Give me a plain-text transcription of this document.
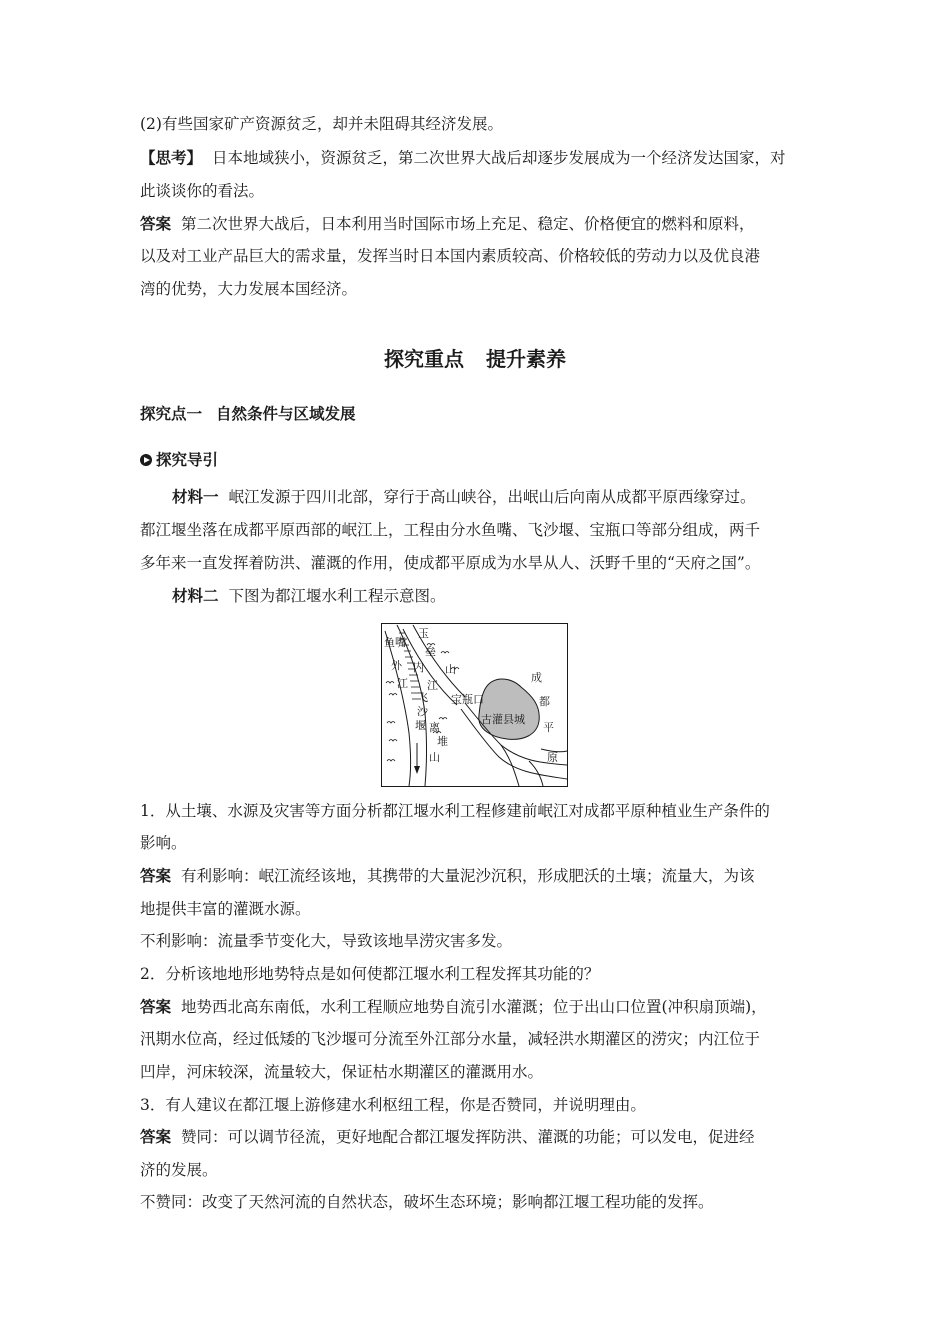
(2)有些国家矿产资源贫乏，却并未阻碍其经济发展。
【思考】 日本地域狭小，资源贫乏，第二次世界大战后却逐步发展成为一个经济发达国家，对
此谈谈你的看法。
答案 第二次世界大战后，日本利用当时国际市场上充足、稳定、价格便宜的燃料和原料，
以及对工业产品巨大的需求量，发挥当时日本国内素质较高、价格较低的劳动力以及优良港
湾的优势，大力发展本国经济。
探究重点 提升素养
探究点一 自然条件与区域发展
探究导引
材料一 岷江发源于四川北部，穿行于高山峡谷，出岷山后向南从成都平原西缘穿过。
都江堰坐落在成都平原西部的岷江上，工程由分水鱼嘴、飞沙堰、宝瓶口等部分组成，两千
多年来一直发挥着防洪、灌溉的作用，使成都平原成为水旱从人、沃野千里的“天府之国”。
材料二 下图为都江堰水利工程示意图。
鱼 嘴
玉
垒
山
外
江
内
江
宝瓶口
飞
沙
堰 离
堆
山
古灌县城
成
都
平
原
1．从土壤、水源及灾害等方面分析都江堰水利工程修建前岷江对成都平原种植业生产条件的
影响。
答案 有利影响：岷江流经该地，其携带的大量泥沙沉积，形成肥沃的土壤；流量大，为该
地提供丰富的灌溉水源。
不利影响：流量季节变化大，导致该地旱涝灾害多发。
2．分析该地地形地势特点是如何使都江堰水利工程发挥其功能的？
答案 地势西北高东南低，水利工程顺应地势自流引水灌溉；位于出山口位置(冲积扇顶端)，
汛期水位高，经过低矮的飞沙堰可分流至外江部分水量，减轻洪水期灌区的涝灾；内江位于
凹岸，河床较深，流量较大，保证枯水期灌区的灌溉用水。
3．有人建议在都江堰上游修建水利枢纽工程，你是否赞同，并说明理由。
答案 赞同：可以调节径流，更好地配合都江堰发挥防洪、灌溉的功能；可以发电，促进经
济的发展。
不赞同：改变了天然河流的自然状态，破坏生态环境；影响都江堰工程功能的发挥。
